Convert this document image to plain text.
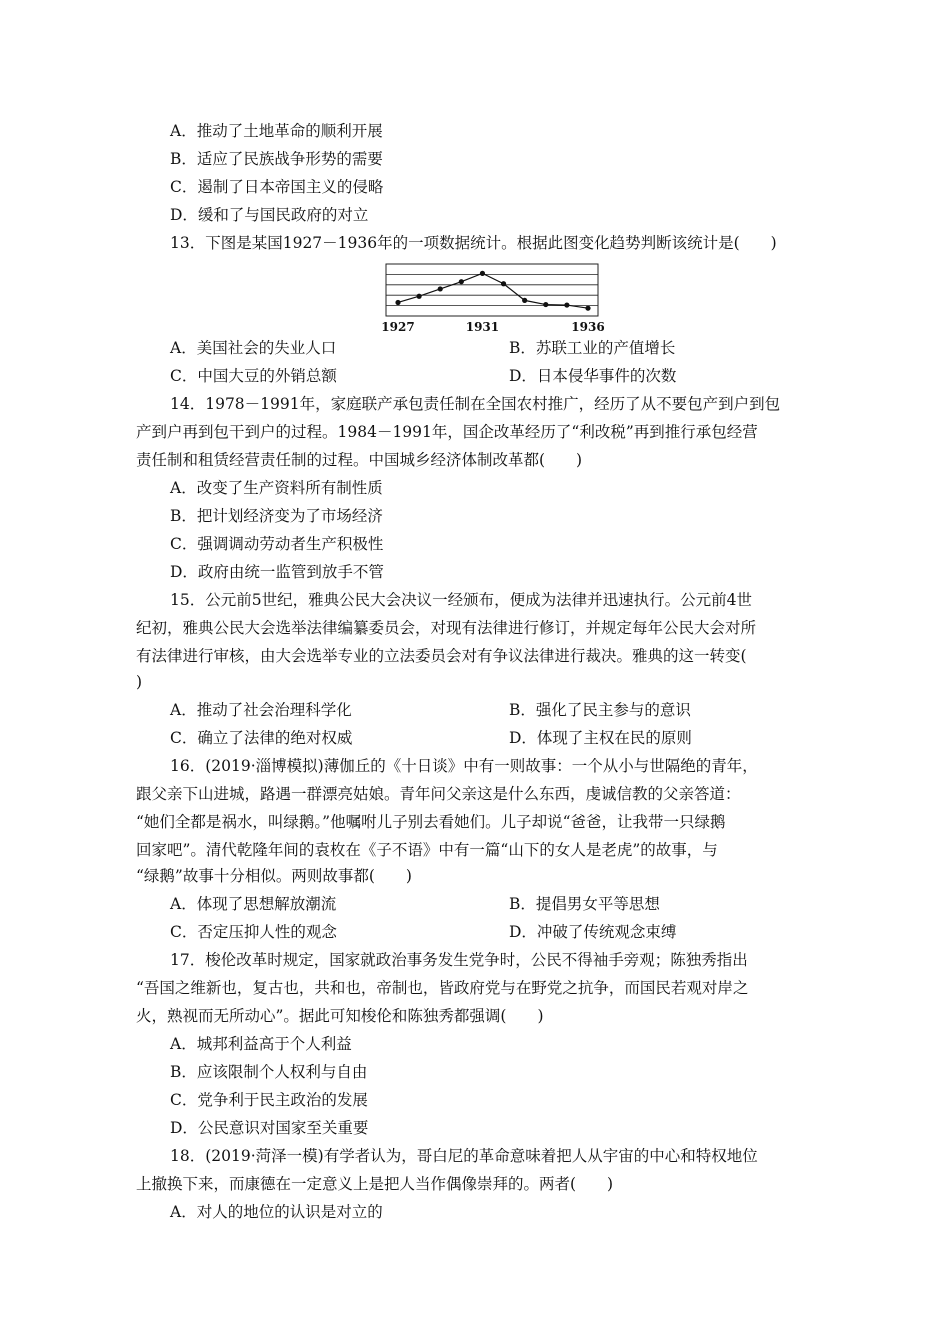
A．推动了土地革命的顺利开展
B．适应了民族战争形势的需要
C．遏制了日本帝国主义的侵略
D．缓和了与国民政府的对立
13．下图是某国1927－1936年的一项数据统计。根据此图变化趋势判断该统计是(　　)
1927	1931	1936
A．美国社会的失业人口	B．苏联工业的产值增长
C．中国大豆的外销总额	D．日本侵华事件的次数
14．1978－1991年，家庭联产承包责任制在全国农村推广，经历了从不要包产到户到包
产到户再到包干到户的过程。1984－1991年，国企改革经历了“利改税”再到推行承包经营
责任制和租赁经营责任制的过程。中国城乡经济体制改革都(　　)
A．改变了生产资料所有制性质
B．把计划经济变为了市场经济
C．强调调动劳动者生产积极性
D．政府由统一监管到放手不管
15．公元前5世纪，雅典公民大会决议一经颁布，便成为法律并迅速执行。公元前4世
纪初，雅典公民大会选举法律编纂委员会，对现有法律进行修订，并规定每年公民大会对所
有法律进行审核，由大会选举专业的立法委员会对有争议法律进行裁决。雅典的这一转变(
)
A．推动了社会治理科学化	B．强化了民主参与的意识
C．确立了法律的绝对权威	D．体现了主权在民的原则
16．(2019·淄博模拟)薄伽丘的《十日谈》中有一则故事：一个从小与世隔绝的青年，
跟父亲下山进城，路遇一群漂亮姑娘。青年问父亲这是什么东西，虔诚信教的父亲答道：
“她们全都是祸水，叫绿鹅。”他嘱咐儿子别去看她们。儿子却说“爸爸，让我带一只绿鹅
回家吧”。清代乾隆年间的袁枚在《子不语》中有一篇“山下的女人是老虎”的故事，与
“绿鹅”故事十分相似。两则故事都(　　)
A．体现了思想解放潮流	B．提倡男女平等思想
C．否定压抑人性的观念	D．冲破了传统观念束缚
17．梭伦改革时规定，国家就政治事务发生党争时，公民不得袖手旁观；陈独秀指出
“吾国之维新也，复古也，共和也，帝制也，皆政府党与在野党之抗争，而国民若观对岸之
火，熟视而无所动心”。据此可知梭伦和陈独秀都强调(　　)
A．城邦利益高于个人利益
B．应该限制个人权利与自由
C．党争利于民主政治的发展
D．公民意识对国家至关重要
18．(2019·菏泽一模)有学者认为，哥白尼的革命意味着把人从宇宙的中心和特权地位
上撤换下来，而康德在一定意义上是把人当作偶像崇拜的。两者(　　)
A．对人的地位的认识是对立的
